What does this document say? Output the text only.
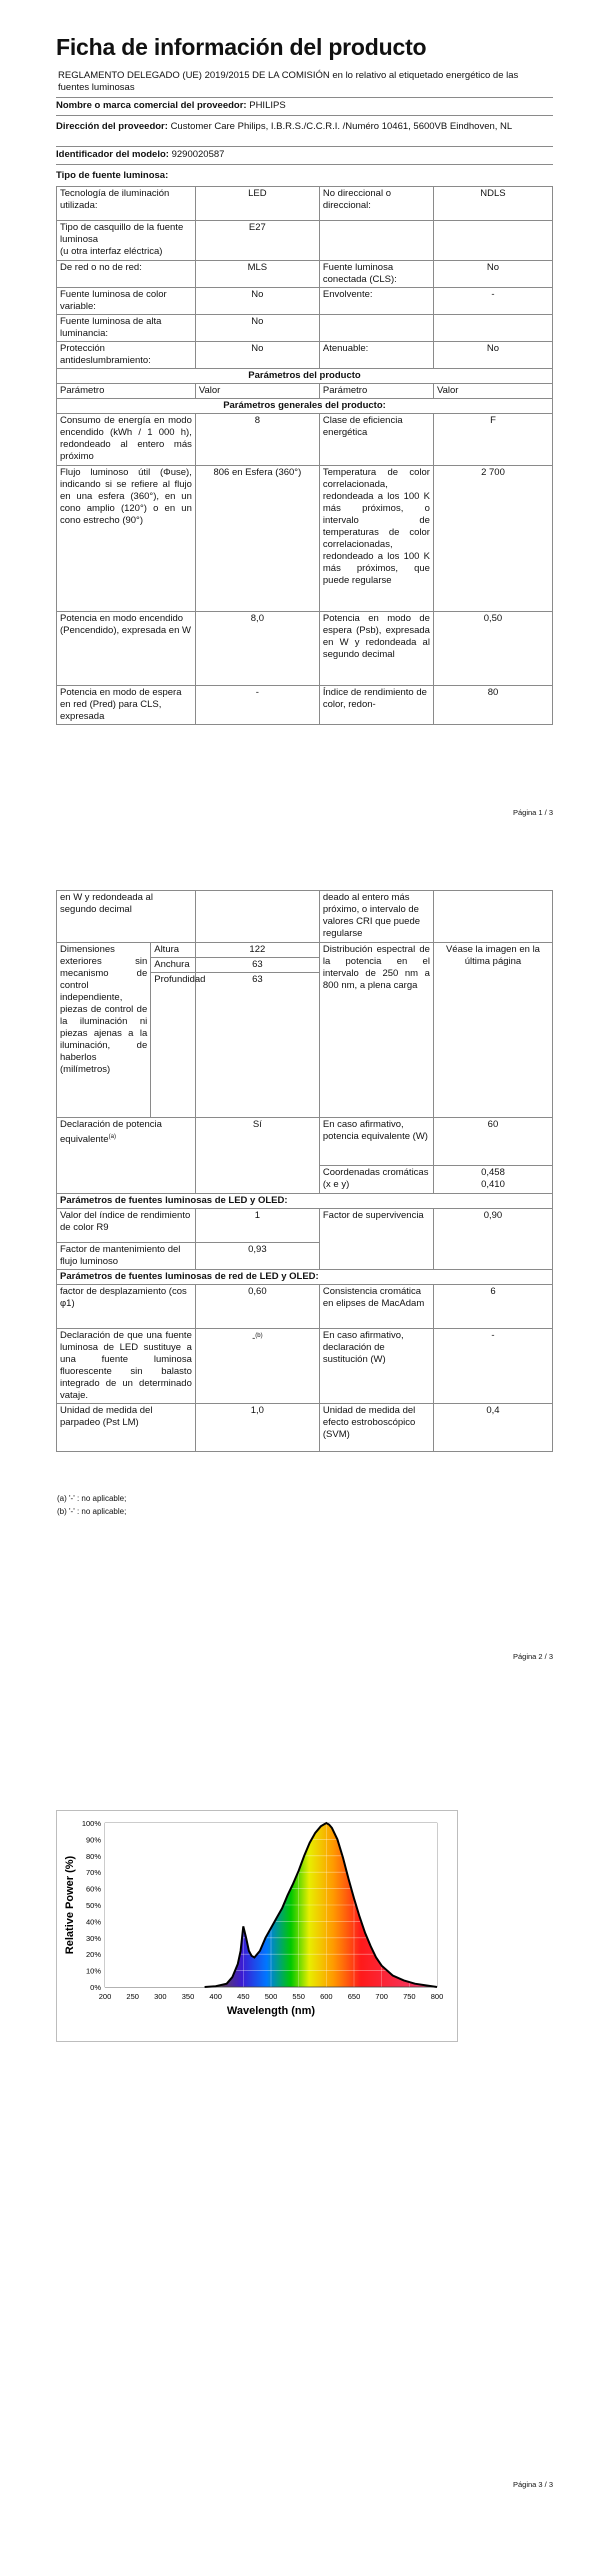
Ficha de información del producto
REGLAMENTO DELEGADO (UE) 2019/2015 DE LA COMISIÓN en lo relativo al etiquetado energético de las fuentes luminosas
Nombre o marca comercial del proveedor: PHILIPS
Dirección del proveedor: Customer Care Philips, I.B.R.S./C.C.R.I. /Numéro 10461, 5600VB Eindhoven, NL
Identificador del modelo: 9290020587
Tipo de fuente luminosa:
Tecnología de iluminación utilizada:	LED	No direccional o direccional:	NDLS
Tipo de casquillo de la fuente luminosa
(u otra interfaz eléctrica)	E27		
De red o no de red:	MLS	Fuente luminosa conectada (CLS):	No
Fuente luminosa de color variable:	No	Envolvente:	-
Fuente luminosa de alta luminancia:	No		
Protección antideslumbramiento:	No	Atenuable:	No
Parámetros del producto			
Parámetro	Valor	Parámetro	Valor
Parámetros generales del producto:			
Consumo de energía en modo encendido (kWh / 1 000 h), redondeado al entero más próximo	8	Clase de eficiencia energética	F
Flujo luminoso útil (Φuse), indicando si se refiere al flujo en una esfera (360°), en un cono amplio (120°) o en un cono estrecho (90°)	806 en Esfera (360°)	Temperatura de color correlacionada, redondeada a los 100 K más próximos, o intervalo de temperaturas de color correlacionadas, redondeado a los 100 K más próximos, que puede regularse	2 700
Potencia en modo encendido (Pencendido), expresada en W	8,0	Potencia en modo de espera (Psb), expresada en W y redondeada al segundo decimal	0,50
Potencia en modo de espera en red (Pred) para CLS, expresada	-	Índice de rendimiento de color, redon-	80
Página 1 / 3
en W y redondeada al segundo decimal			deado al entero más próximo, o intervalo de valores CRI que puede regularse	
Dimensiones exteriores sin mecanismo de control independiente, piezas de control de la iluminación ni piezas ajenas a la iluminación, de haberlos (milímetros)	Altura	122	Distribución espectral de la potencia en el intervalo de 250 nm a 800 nm, a plena carga	Véase la imagen en la última página
	Anchura	63		
	Profundidad	63		
Declaración de potencia equivalente$^{(a)}$		Sí	En caso afirmativo, potencia equivalente (W)	60
			Coordenadas cromáticas (x e y)	0,458
0,410

Parámetros de fuentes luminosas de LED y OLED:				
Valor del índice de rendimiento de color R9		1	Factor de supervivencia	0,90
Factor de mantenimiento del flujo luminoso		0,93		
Parámetros de fuentes luminosas de red de LED y OLED:				
factor de desplazamiento (cos φ1)		0,60	Consistencia cromática en elipses de MacAdam	6
Declaración de que una fuente luminosa de LED sustituye a una fuente luminosa fluorescente sin balasto integrado de un determinado vataje.		-$^{(b)}$	En caso afirmativo, declaración de sustitución (W)	-
Unidad de medida del parpadeo (Pst LM)		1,0	Unidad de medida del efecto estroboscópico (SVM)	0,4
(a) '-' : no aplicable;
(b) '-' : no aplicable;
Página 2 / 3
0%
10%
20%
30%
40%
50%
60%
70%
80%
90%
100%
200 250 300 350 400 450 500 550 600 650 700 750 800
Relative Power (%)
Wavelength (nm)
Página 3 / 3
